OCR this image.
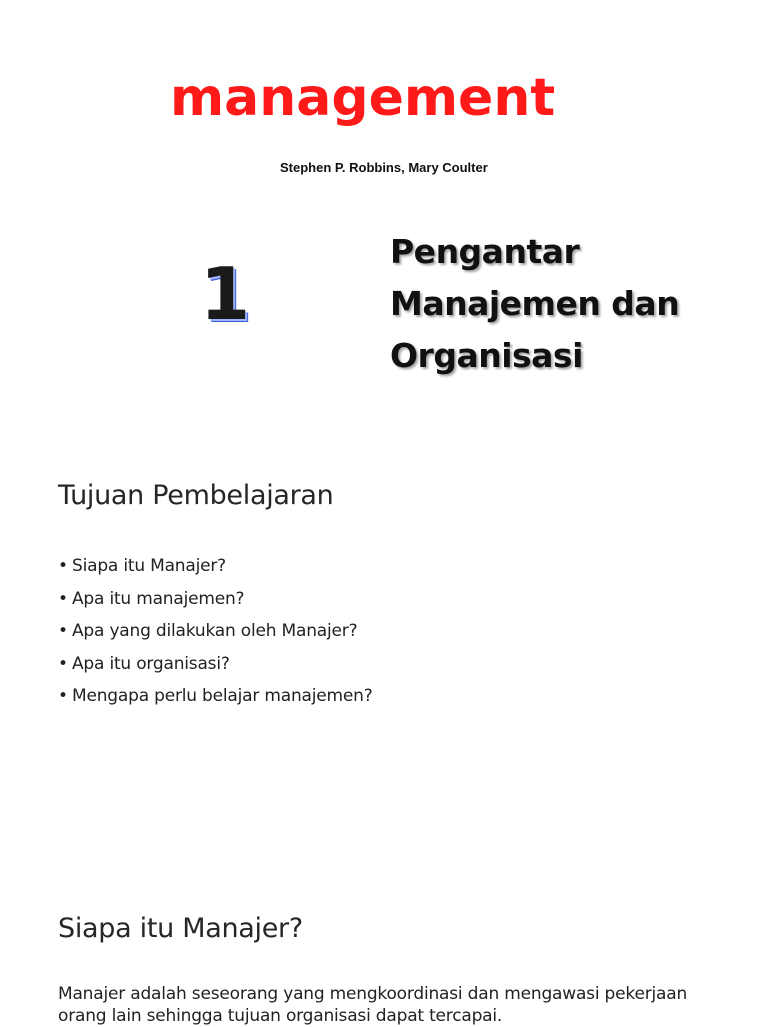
management
Stephen P. Robbins, Mary Coulter
1
Pengantar
Manajemen dan
Organisasi
Tujuan Pembelajaran
• Siapa itu Manajer?
• Apa itu manajemen?
• Apa yang dilakukan oleh Manajer?
• Apa itu organisasi?
• Mengapa perlu belajar manajemen?
Siapa itu Manajer?
Manajer adalah seseorang yang mengkoordinasi dan mengawasi pekerjaan orang lain sehingga tujuan organisasi dapat tercapai.
